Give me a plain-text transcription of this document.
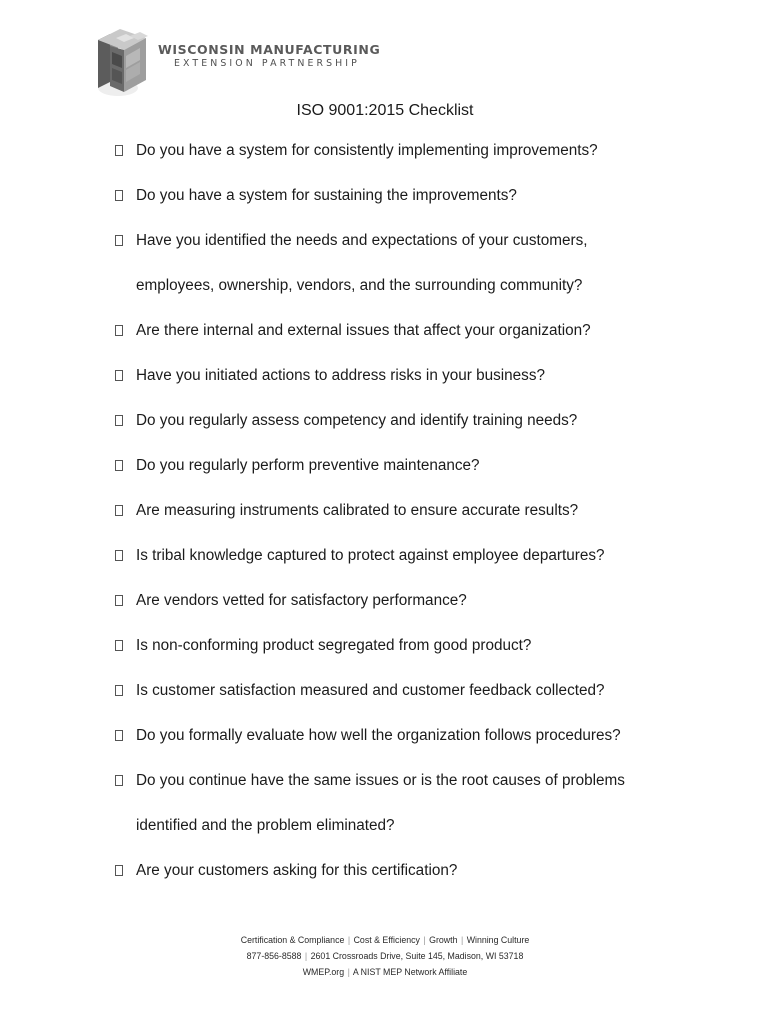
WISCONSIN MANUFACTURING
EXTENSION PARTNERSHIP
ISO 9001:2015 Checklist
Do you have a system for consistently implementing improvements?
Do you have a system for sustaining the improvements?
Have you identified the needs and expectations of your customers,
employees, ownership, vendors, and the surrounding community?
Are there internal and external issues that affect your organization?
Have you initiated actions to address risks in your business?
Do you regularly assess competency and identify training needs?
Do you regularly perform preventive maintenance?
Are measuring instruments calibrated to ensure accurate results?
Is tribal knowledge captured to protect against employee departures?
Are vendors vetted for satisfactory performance?
Is non-conforming product segregated from good product?
Is customer satisfaction measured and customer feedback collected?
Do you formally evaluate how well the organization follows procedures?
Do you continue have the same issues or is the root causes of problems
identified and the problem eliminated?
Are your customers asking for this certification?
Certification & Compliance | Cost & Efficiency | Growth | Winning Culture
877-856-8588 | 2601 Crossroads Drive, Suite 145, Madison, WI 53718
WMEP.org | A NIST MEP Network Affiliate
